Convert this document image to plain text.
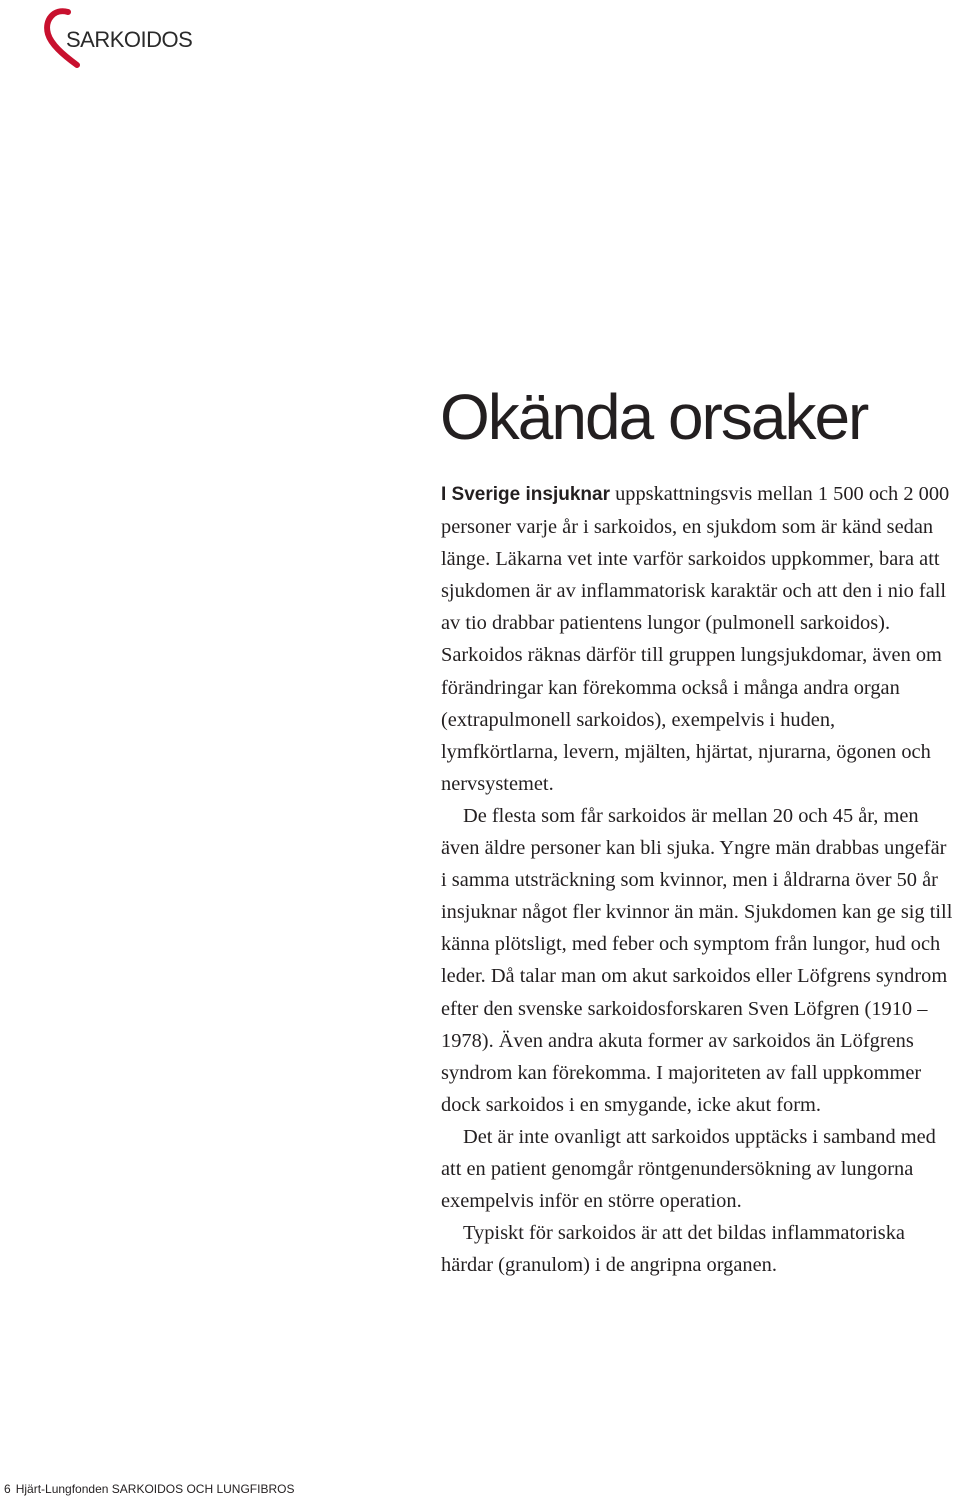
SARKOIDOS
Okända orsaker

I Sverige insjuknar uppskattningsvis mellan 1 500 och 2 000 personer varje år i sarkoidos, en sjukdom som är känd sedan länge. Läkarna vet inte varför sarkoidos uppkommer, bara att sjukdomen är av inflammatorisk karaktär och att den i nio fall av tio drabbar patientens lungor (pulmonell sarkoidos). Sarkoidos räknas därför till gruppen lungsjukdomar, även om förändringar kan förekomma också i många andra organ (extrapulmonell sarkoidos), exempelvis i huden, lymfkörtlarna, levern, mjälten, hjärtat, njurarna, ögonen och nervsystemet.

De flesta som får sarkoidos är mellan 20 och 45 år, men även äldre personer kan bli sjuka. Yngre män drabbas ungefär i samma utsträckning som kvinnor, men i åldrarna över 50 år insjuknar något fler kvinnor än män. Sjukdomen kan ge sig till känna plötsligt, med feber och symptom från lungor, hud och leder. Då talar man om akut sarkoidos eller Löfgrens syndrom efter den svenske sarkoidosforskaren Sven Löfgren (1910 – 1978). Även andra akuta former av sarkoidos än Löfgrens syndrom kan förekomma. I majoriteten av fall uppkommer dock sarkoidos i en smygande, icke akut form.

Det är inte ovanligt att sarkoidos upptäcks i samband med att en patient genomgår röntgenundersökning av lungorna exempelvis inför en större operation.

Typiskt för sarkoidos är att det bildas inflammatoriska härdar (granulom) i de angripna organen.

6 Hjärt-Lungfonden SARKOIDOS OCH LUNGFIBROS
